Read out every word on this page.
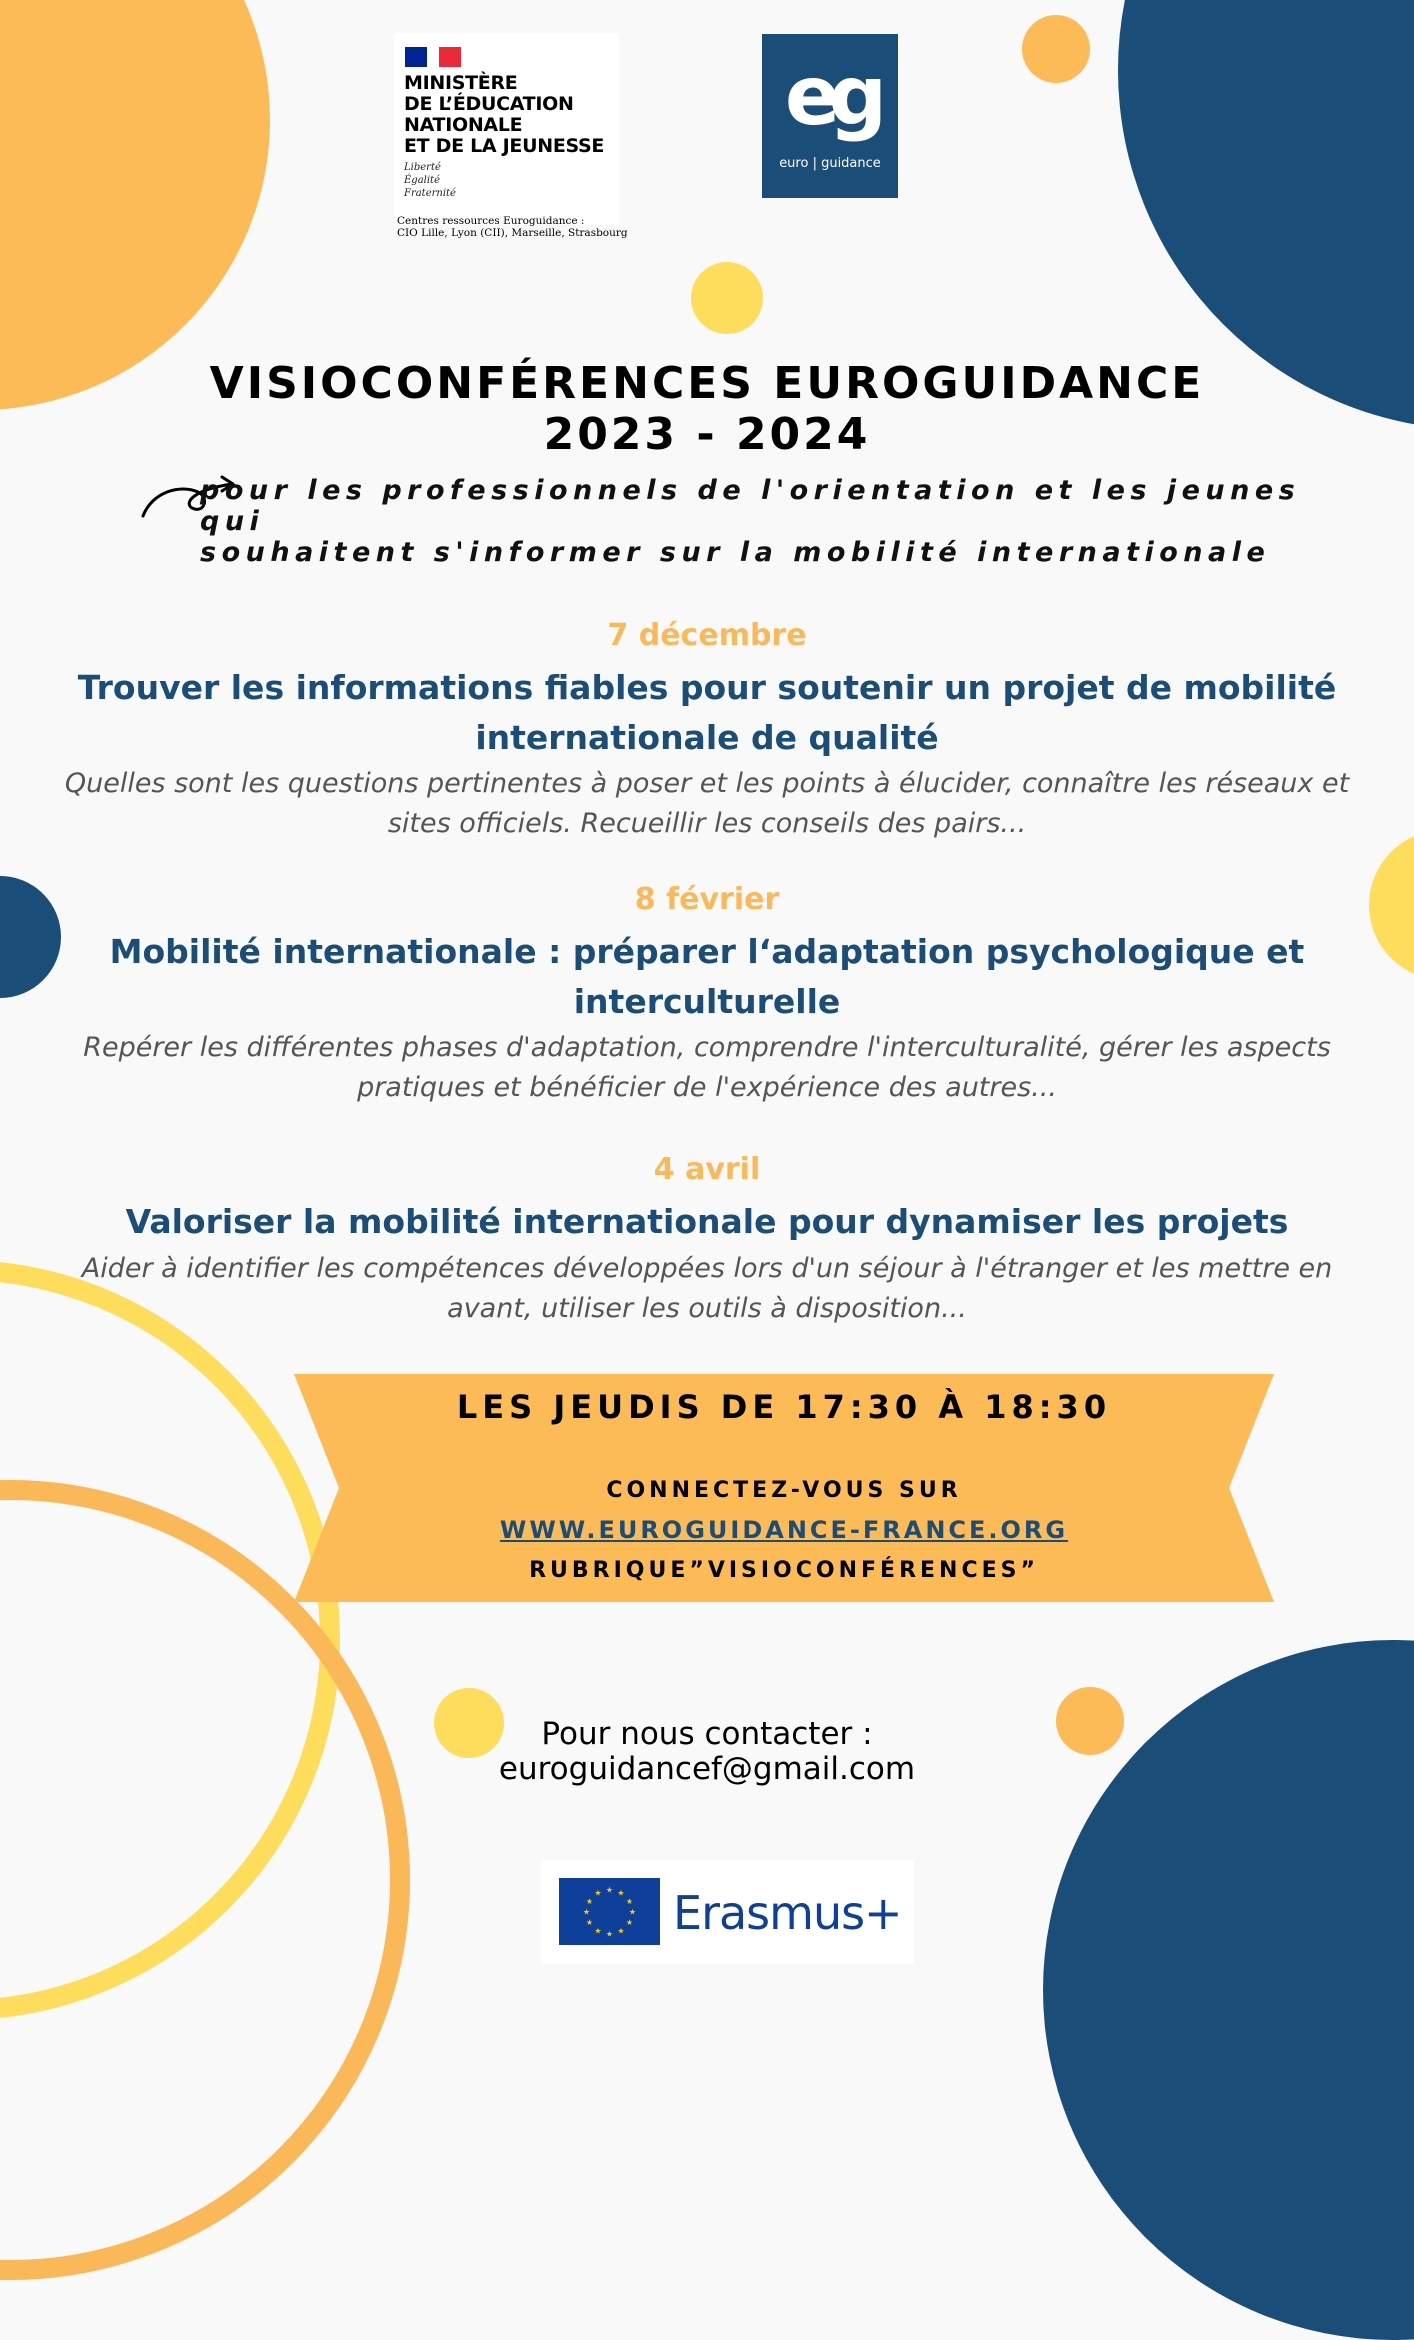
MINISTÈRE
DE L’ÉDUCATION
NATIONALE
ET DE LA JEUNESSE
Liberté
Égalité
Fraternité
Centres ressources Euroguidance :
CIO Lille, Lyon (CII), Marseille, Strasbourg
eg
euro | guidance
VISIOCONFÉRENCES EUROGUIDANCE
2023 - 2024
pour les professionnels de l'orientation et les jeunes qui
souhaitent s'informer sur la mobilité internationale
7 décembre
Trouver les informations fiables pour soutenir un projet de mobilité internationale de qualité
Quelles sont les questions pertinentes à poser et les points à élucider, connaître les réseaux et sites officiels. Recueillir les conseils des pairs...
8 février
Mobilité internationale : préparer l‘adaptation psychologique et interculturelle
Repérer les différentes phases d'adaptation, comprendre l'interculturalité, gérer les aspects pratiques et bénéficier de l'expérience des autres...
4 avril
Valoriser la mobilité internationale pour dynamiser les projets
Aider à identifier les compétences développées lors d'un séjour à l'étranger et les mettre en avant, utiliser les outils à disposition...
LES JEUDIS DE 17:30 À 18:30
CONNECTEZ-VOUS SUR
WWW.EUROGUIDANCE-FRANCE.ORG
RUBRIQUE”VISIOCONFÉRENCES”
Pour nous contacter :
euroguidancef@gmail.com
★ ★
★
★
★
★
★
★
★
★
★
★ Erasmus+
